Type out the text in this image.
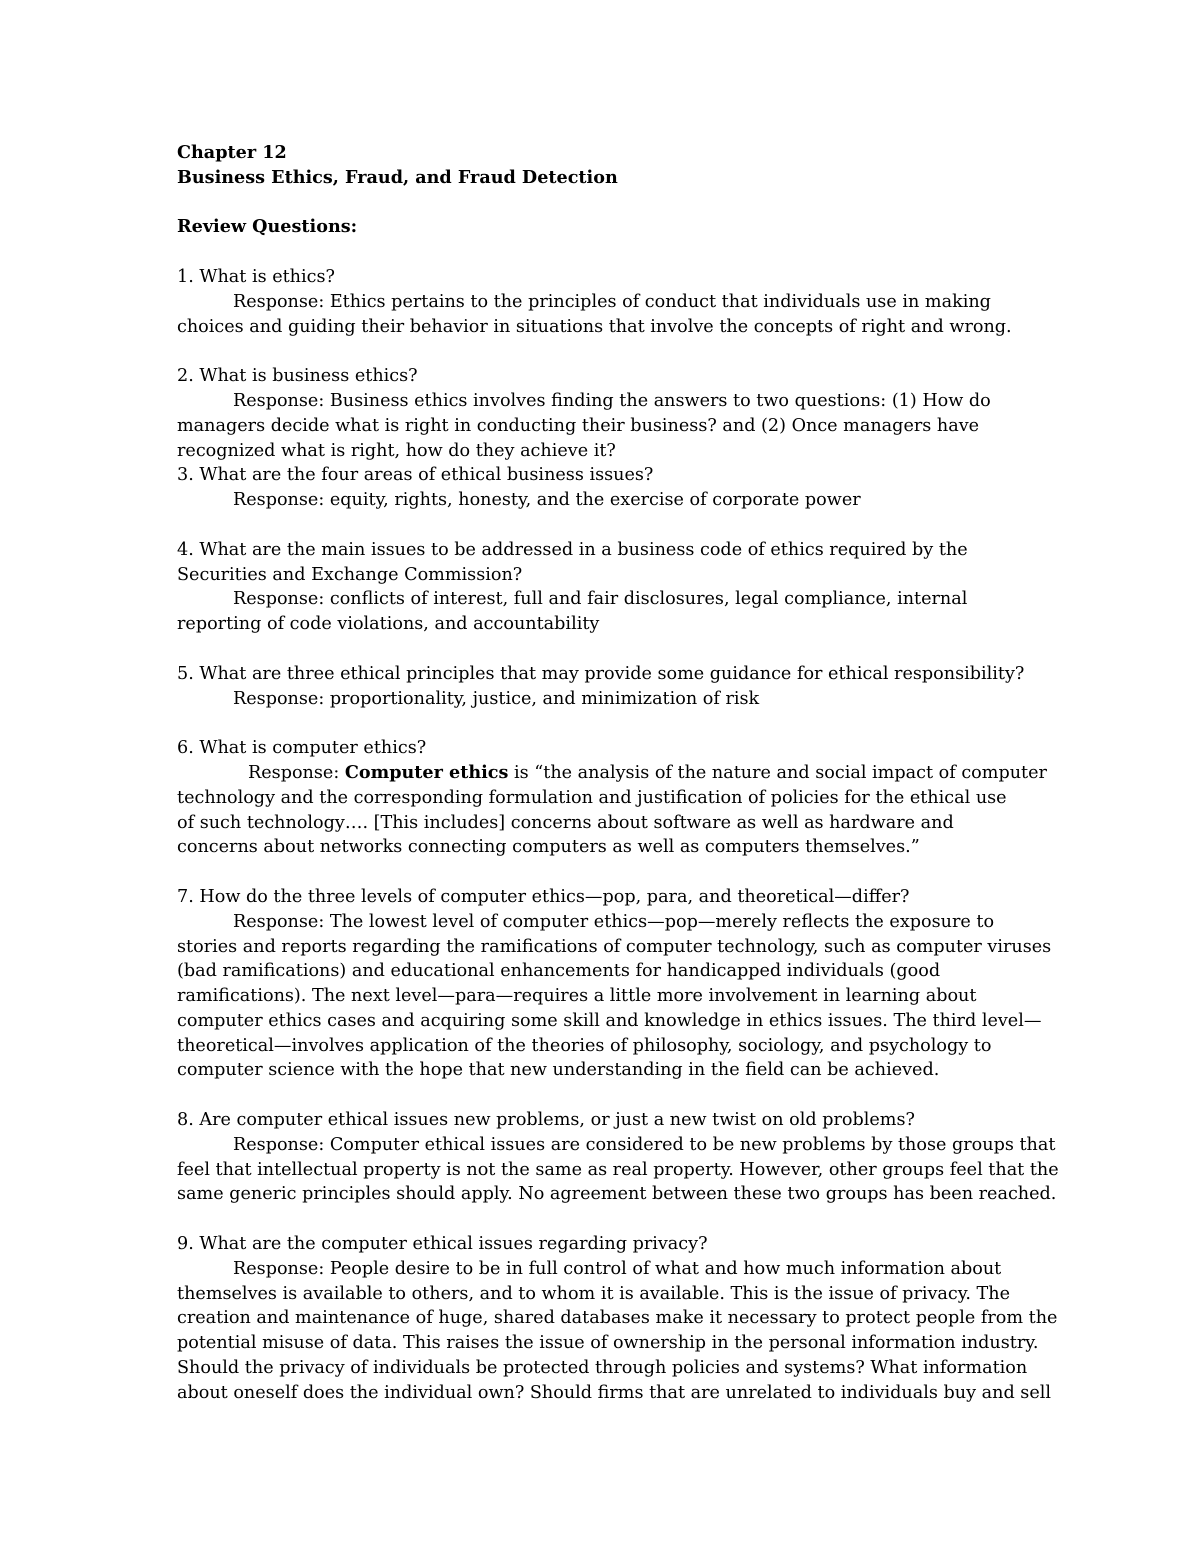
Chapter 12
Business Ethics, Fraud, and Fraud Detection
Review Questions:
1. What is ethics?
Response: Ethics pertains to the principles of conduct that individuals use in making
choices and guiding their behavior in situations that involve the concepts of right and wrong.
2. What is business ethics?
Response: Business ethics involves finding the answers to two questions: (1) How do
managers decide what is right in conducting their business? and (2) Once managers have
recognized what is right, how do they achieve it?
3. What are the four areas of ethical business issues?
Response: equity, rights, honesty, and the exercise of corporate power
4. What are the main issues to be addressed in a business code of ethics required by the
Securities and Exchange Commission?
Response: conflicts of interest, full and fair disclosures, legal compliance, internal
reporting of code violations, and accountability
5. What are three ethical principles that may provide some guidance for ethical responsibility?
Response: proportionality, justice, and minimization of risk
6. What is computer ethics?
Response: Computer ethics is “the analysis of the nature and social impact of computer
technology and the corresponding formulation and justification of policies for the ethical use
of such technology…. [This includes] concerns about software as well as hardware and
concerns about networks connecting computers as well as computers themselves.”
7. How do the three levels of computer ethics—pop, para, and theoretical—differ?
Response: The lowest level of computer ethics—pop—merely reflects the exposure to
stories and reports regarding the ramifications of computer technology, such as computer viruses
(bad ramifications) and educational enhancements for handicapped individuals (good
ramifications). The next level—para—requires a little more involvement in learning about
computer ethics cases and acquiring some skill and knowledge in ethics issues. The third level—
theoretical—involves application of the theories of philosophy, sociology, and psychology to
computer science with the hope that new understanding in the field can be achieved.
8. Are computer ethical issues new problems, or just a new twist on old problems?
Response: Computer ethical issues are considered to be new problems by those groups that
feel that intellectual property is not the same as real property. However, other groups feel that the
same generic principles should apply. No agreement between these two groups has been reached.
9. What are the computer ethical issues regarding privacy?
Response: People desire to be in full control of what and how much information about
themselves is available to others, and to whom it is available. This is the issue of privacy. The
creation and maintenance of huge, shared databases make it necessary to protect people from the
potential misuse of data. This raises the issue of ownership in the personal information industry.
Should the privacy of individuals be protected through policies and systems? What information
about oneself does the individual own? Should firms that are unrelated to individuals buy and sell
